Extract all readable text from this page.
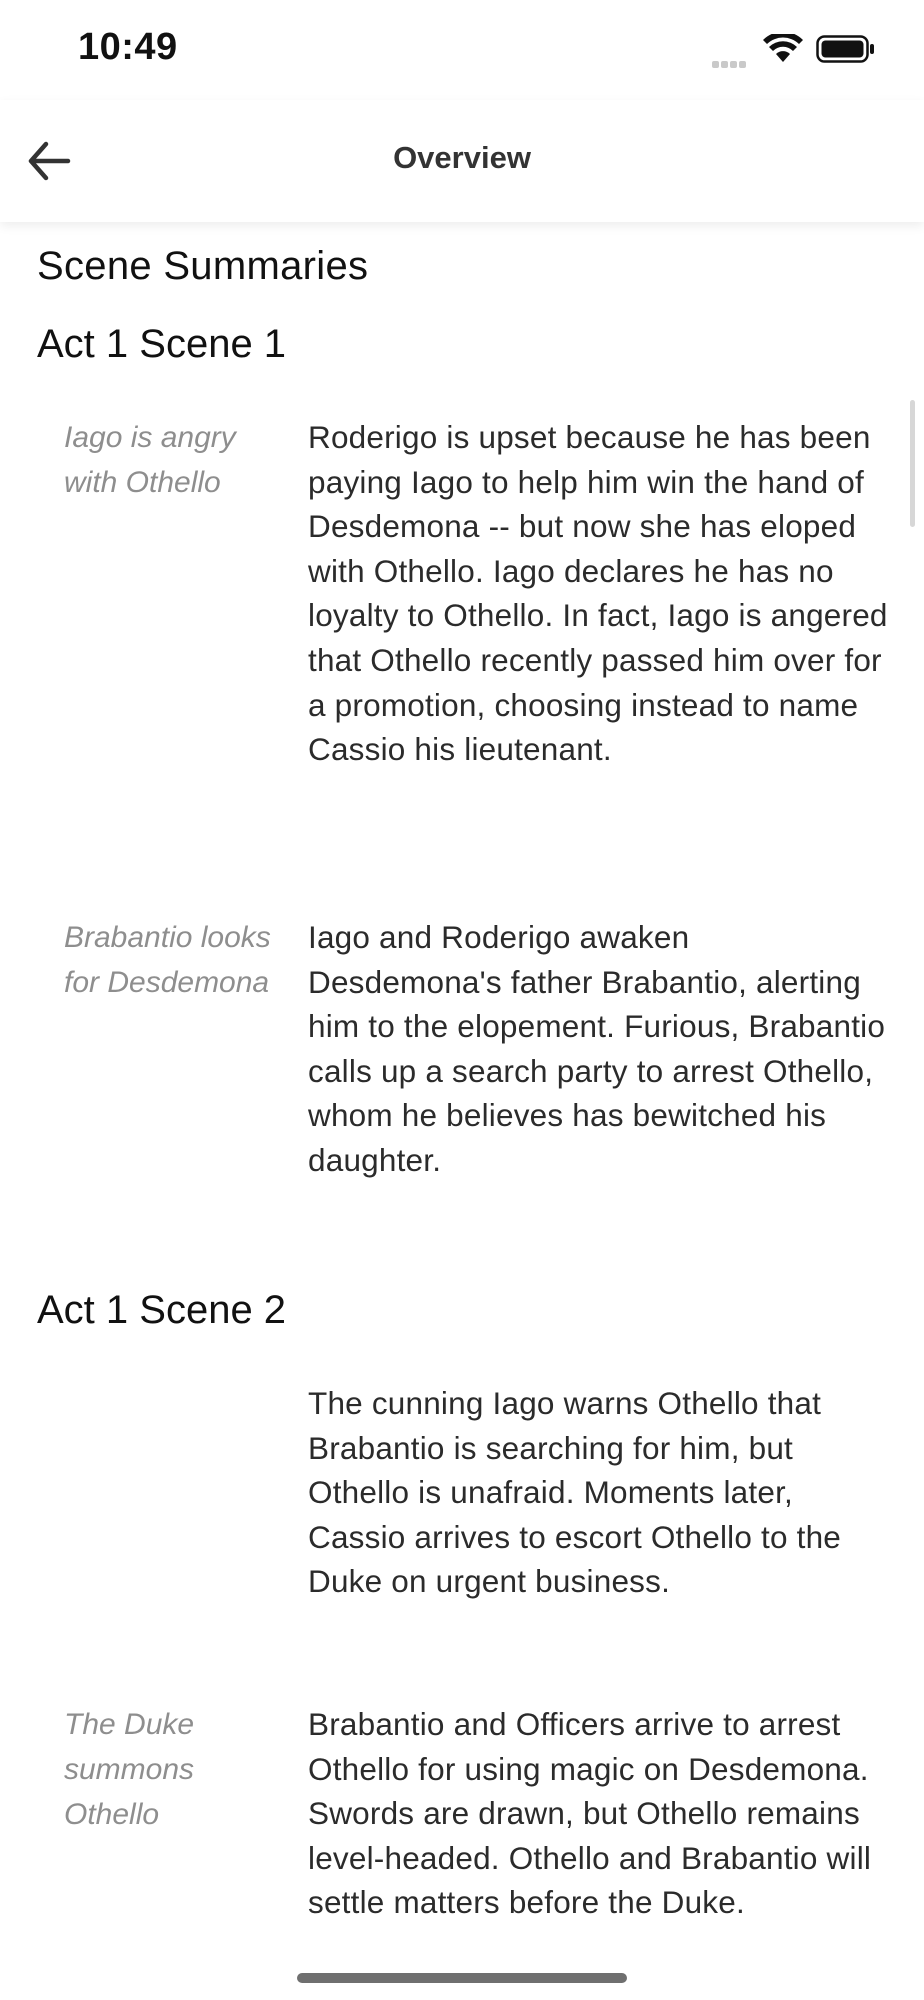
10:49
Overview
Scene Summaries
Act 1 Scene 1
Iago is angry with Othello
Roderigo is upset because he has been paying Iago to help him win the hand of Desdemona -- but now she has eloped with Othello. Iago declares he has no loyalty to Othello. In fact, Iago is angered that Othello recently passed him over for a promotion, choosing instead to name Cassio his lieutenant.
Brabantio looks for Desdemona
Iago and Roderigo awaken Desdemona's father Brabantio, alerting him to the elopement. Furious, Brabantio calls up a search party to arrest Othello, whom he believes has bewitched his daughter.
Act 1 Scene 2
The cunning Iago warns Othello that Brabantio is searching for him, but Othello is unafraid. Moments later, Cassio arrives to escort Othello to the Duke on urgent business.
The Duke summons Othello
Brabantio and Officers arrive to arrest Othello for using magic on Desdemona. Swords are drawn, but Othello remains level-headed. Othello and Brabantio will settle matters before the Duke.
